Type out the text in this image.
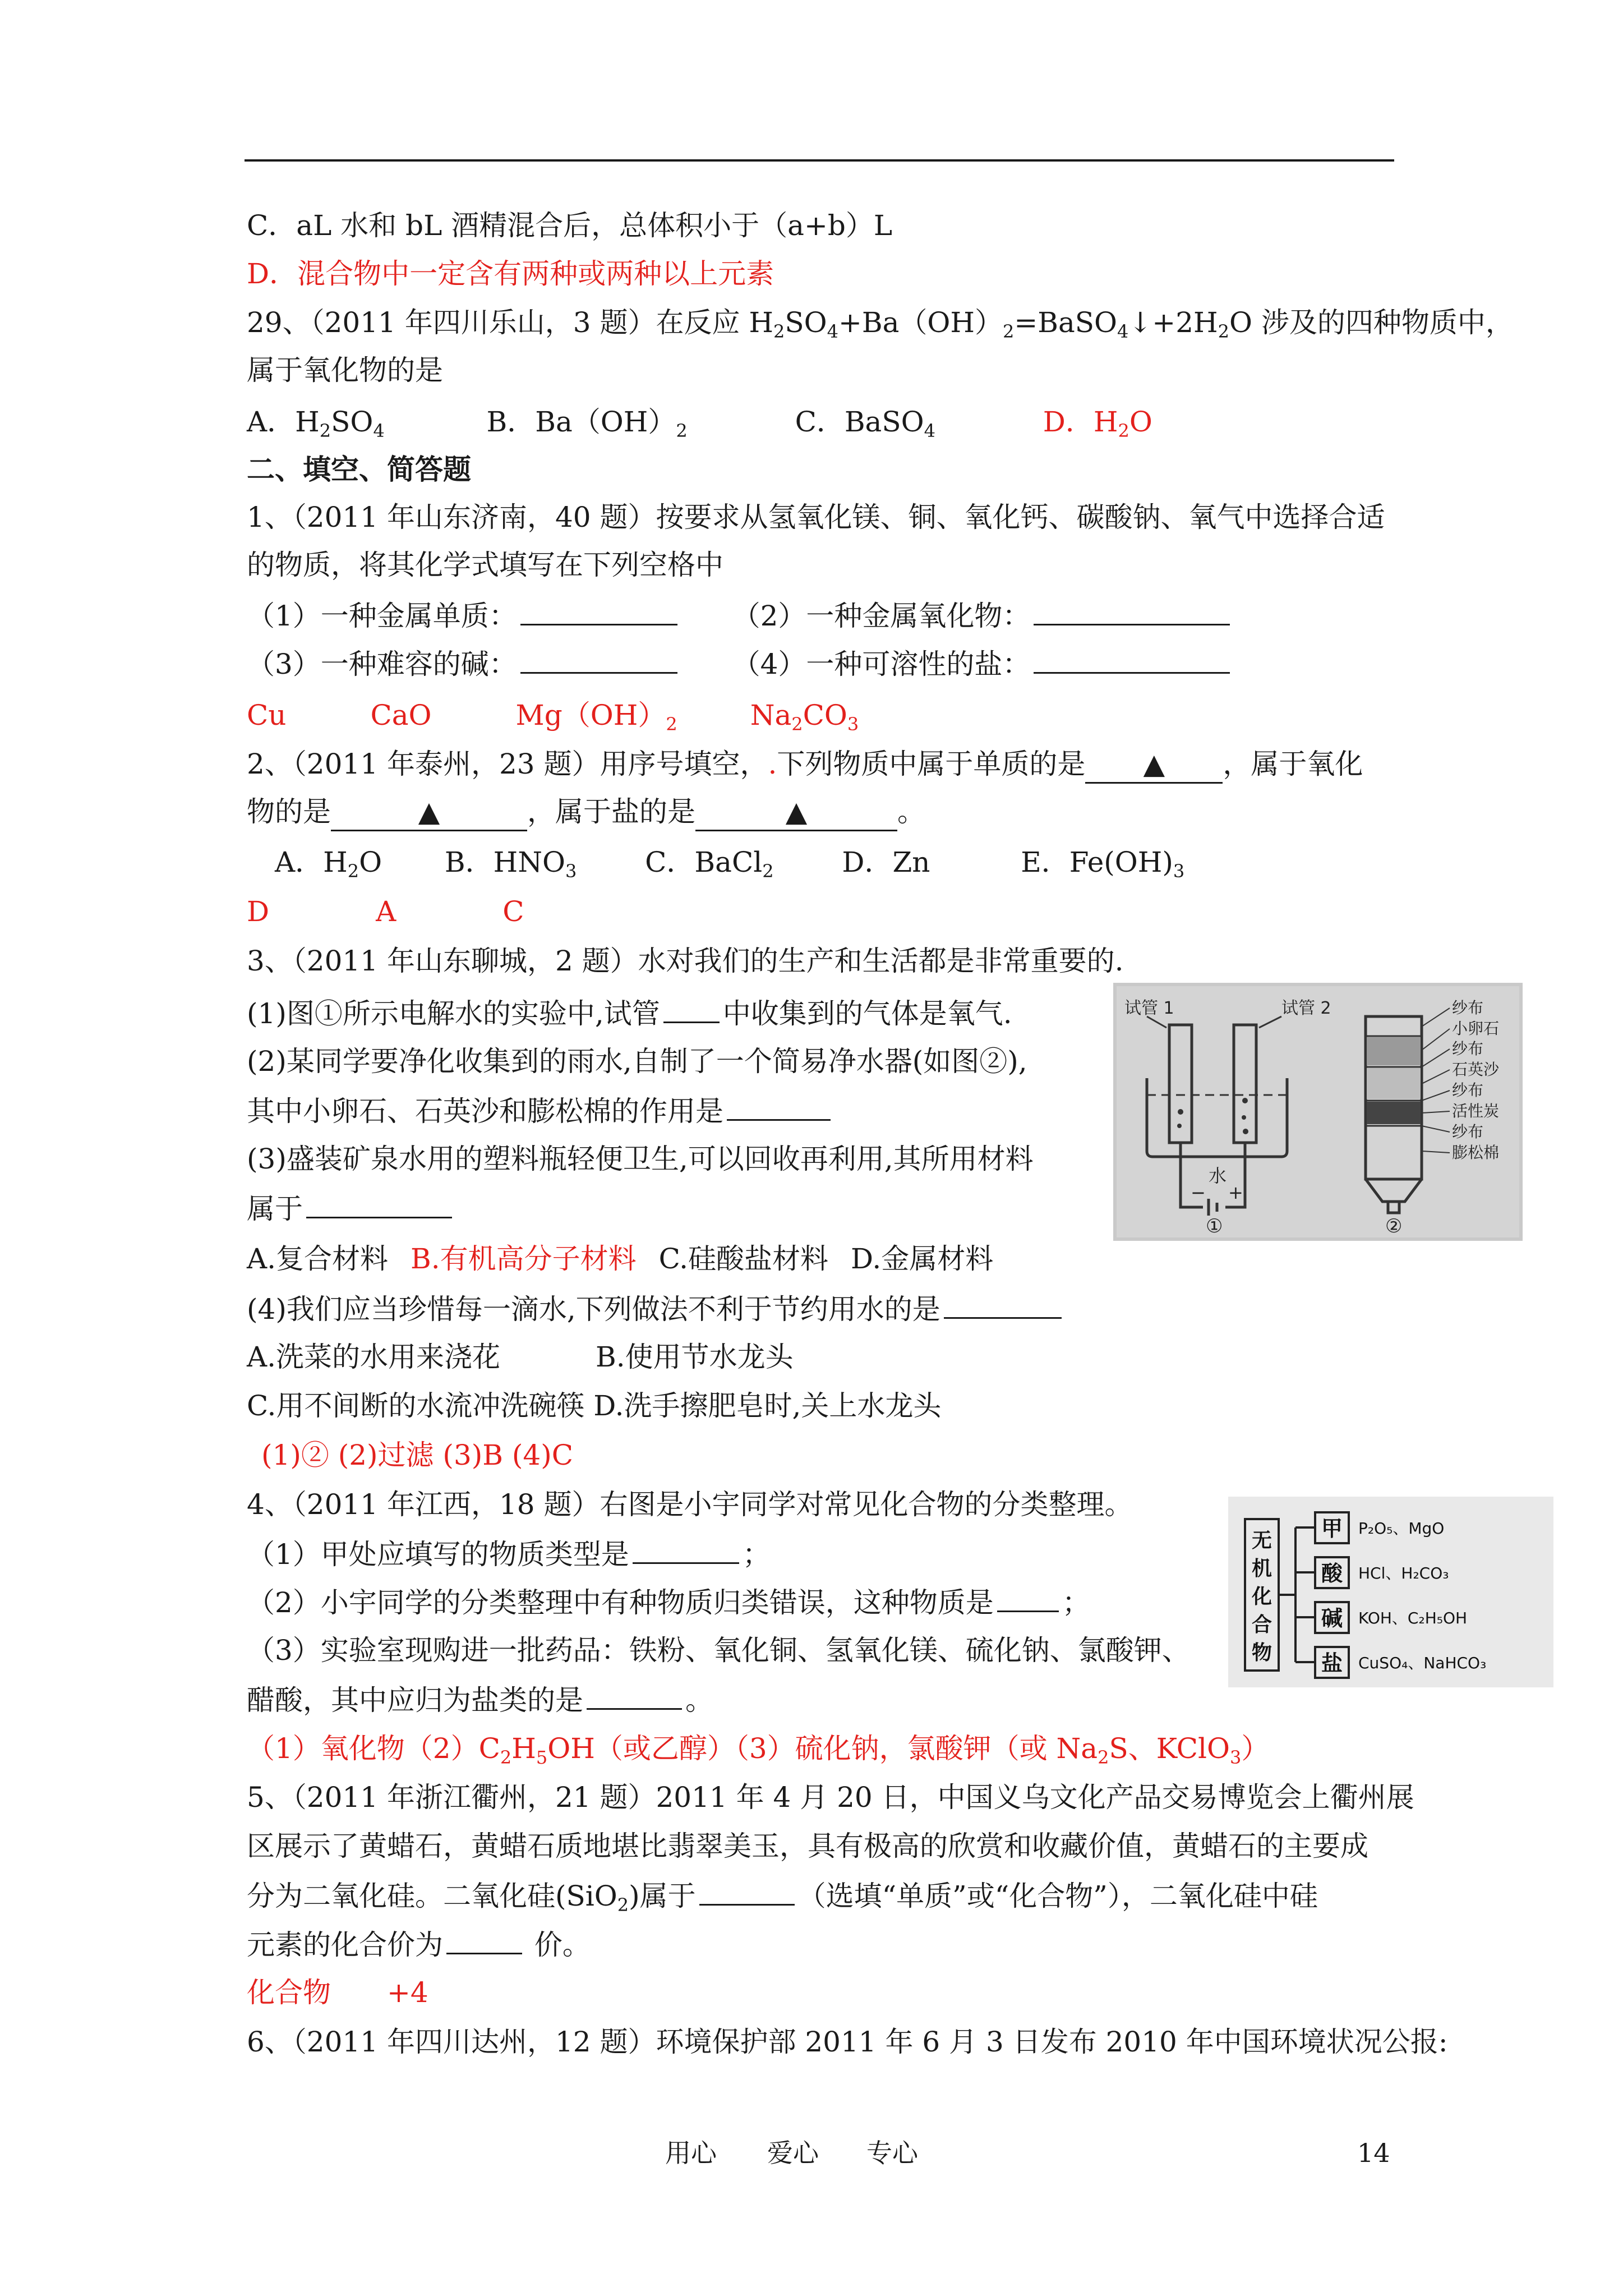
C．aL 水和 bL 酒精混合后，总体积小于（a+b）L
D．混合物中一定含有两种或两种以上元素
29、（2011 年四川乐山，3 题）在反应 $H_2SO_4+Ba(OH)_2=BaSO_4↓+2H_2O$ 涉及的四种物质中，
属于氧化物的是
A．$H_2SO_4$	B．$Ba(OH)_2$	C．BaSO$_4$	D．$H_2O$
二、填空、简答题
1、（2011 年山东济南，40 题）按要求从氢氧化镁、铜、氧化钙、碳酸钠、氧气中选择合适
的物质，将其化学式填写在下列空格中
（1）一种金属单质：	（2）一种金属氧化物：
（3）一种难容的碱：	（4）一种可溶性的盐：
Cu	CaO	$Mg(OH)_2$	$Na_2CO_3$
2、（2011 年泰州，23 题）用序号填空，.下列物质中属于单质的是 ▲ ，属于氧化
物的是	▲	，属于盐的是	▲	。
A．$H_2O$ B．$HNO_3$ C．BaCl$_2$ D．Zn	E．$Fe(OH)_3$
D	A	C
3、（2011 年山东聊城，2 题）水对我们的生产和生活都是非常重要的.
(1)图①所示电解水的实验中,试管 中收集到的气体是氧气.
(2)某同学要净化收集到的雨水,自制了一个简易净水器(如图②),
其中小卵石、石英沙和膨松棉的作用是
(3)盛装矿泉水用的塑料瓶轻便卫生,可以回收再利用,其所用材料
属于
A.复合材料 B.有机高分子材料 C.硅酸盐材料 D.金属材料
(4)我们应当珍惜每一滴水,下列做法不利于节约用水的是
A.洗菜的水用来浇花	B.使用节水龙头
C.用不间断的水流冲洗碗筷 D.洗手擦肥皂时,关上水龙头
(1)② (2)过滤 (3)B (4)C
试管 1	试管 2
水
− +
①
纱布
小卵石
纱布
石英沙
纱布
活性炭
纱布
膨松棉
②
4、（2011 年江西，18 题）右图是小宇同学对常见化合物的分类整理。
（1）甲处应填写的物质类型是	；
（2）小宇同学的分类整理中有种物质归类错误，这种物质是 ；
（3）实验室现购进一批药品：铁粉、氧化铜、氢氧化镁、硫化钠、氯酸钾、
醋酸，其中应归为盐类的是	。
（1）氧化物$(2)C_2H_5OH$（或乙醇）（3）硫化钠，氯酸钾（或 $Na_2S$、KClO$_3$）
无
机
化
合
物
甲
酸
碱
盐
P₂O₅、MgO
HCl、H₂CO₃
KOH、C₂H₅OH
CuSO₄、NaHCO₃
5、（2011 年浙江衢州，21 题）2011 年 4 月 20 日，中国义乌文化产品交易博览会上衢州展
区展示了黄蜡石，黄蜡石质地堪比翡翠美玉，具有极高的欣赏和收藏价值，黄蜡石的主要成
分为二氧化硅。二氧化硅(SiO$_2$)属于	（选填“单质”或“化合物”），二氧化硅中硅
元素的化合价为	价。
化合物 +4
6、（2011 年四川达州，12 题）环境保护部 2011 年 6 月 3 日发布 2010 年中国环境状况公报:
用心 爱心 专心	14
